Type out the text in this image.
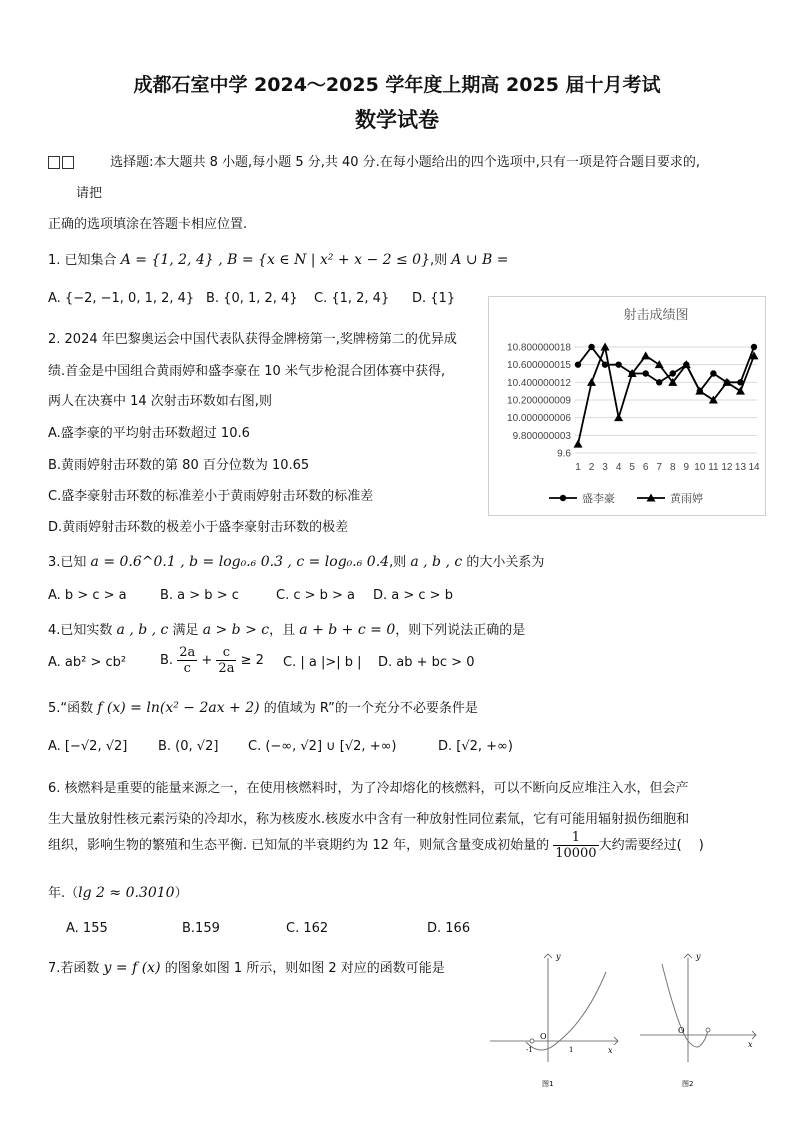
成都石室中学 2024～2025 学年度上期高 2025 届十月考试
数学试卷
选择题:本大题共 8 小题,每小题 5 分,共 40 分.在每小题给出的四个选项中,只有一项是符合题目要求的,
请把
正确的选项填涂在答题卡相应位置.
1. 已知集合 A = {1, 2, 4} , B = {x ∈ N | x² + x − 2 ≤ 0},则 A ∪ B =
A. {−2, −1, 0, 1, 2, 4} B. {0, 1, 2, 4} C. {1, 2, 4} D. {1}
2. 2024 年巴黎奥运会中国代表队获得金牌榜第一,奖牌榜第二的优异成
绩.首金是中国组合黄雨婷和盛李豪在 10 米气步枪混合团体赛中获得,
两人在决赛中 14 次射击环数如右图,则
A.盛李豪的平均射击环数超过 10.6
B.黄雨婷射击环数的第 80 百分位数为 10.65
C.盛李豪射击环数的标准差小于黄雨婷射击环数的标准差
D.黄雨婷射击环数的极差小于盛李豪射击环数的极差
射击成绩图
10.800000018
10.600000015
10.400000012
10.200000009
10.000000006
9.800000003
9.6
1 2 3 4 5 6 7 8 9 10 11 12 13 14
盛李豪	黄雨婷
3.已知 a = 0.6^0.1 , b = log₀.₆ 0.3 , c = log₀.₆ 0.4,则 a , b , c 的大小关系为
A. b > c > a	B. a > b > c	C. c > b > a D. a > c > b
4.已知实数 a , b , c 满足 a > b > c，且 a + b + c = 0，则下列说法正确的是
A. ab² > cb²	B. $\frac{2a}{c} + \frac{c}{2a} \ge 2$ C. | a |>| b | D. ab + bc > 0
5.“函数 f (x) = ln(x² − 2ax + 2) 的值域为 R”的一个充分不必要条件是
A. [−√2, √2] B. (0, √2] C. (−∞, √2] ∪ [√2, +∞)	D. [√2, +∞)
6. 核燃料是重要的能量来源之一，在使用核燃料时，为了冷却熔化的核燃料，可以不断向反应堆注入水，但会产
生大量放射性核元素污染的冷却水，称为核废水.核废水中含有一种放射性同位素氚，它有可能用辐射损伤细胞和
组织，影响生物的繁殖和生态平衡. 已知氚的半衰期约为 12 年，则氚含量变成初始量的 $\frac{1}{10000}$ 大约需要经过(　 )
年.（lg 2 ≈ 0.3010）
A. 155	B.159	C. 162	D. 166
7.若函数 y = f (x) 的图象如图 1 所示，则如图 2 对应的函数可能是
y
x
O
-1	1
图1
y
x
O
图2
